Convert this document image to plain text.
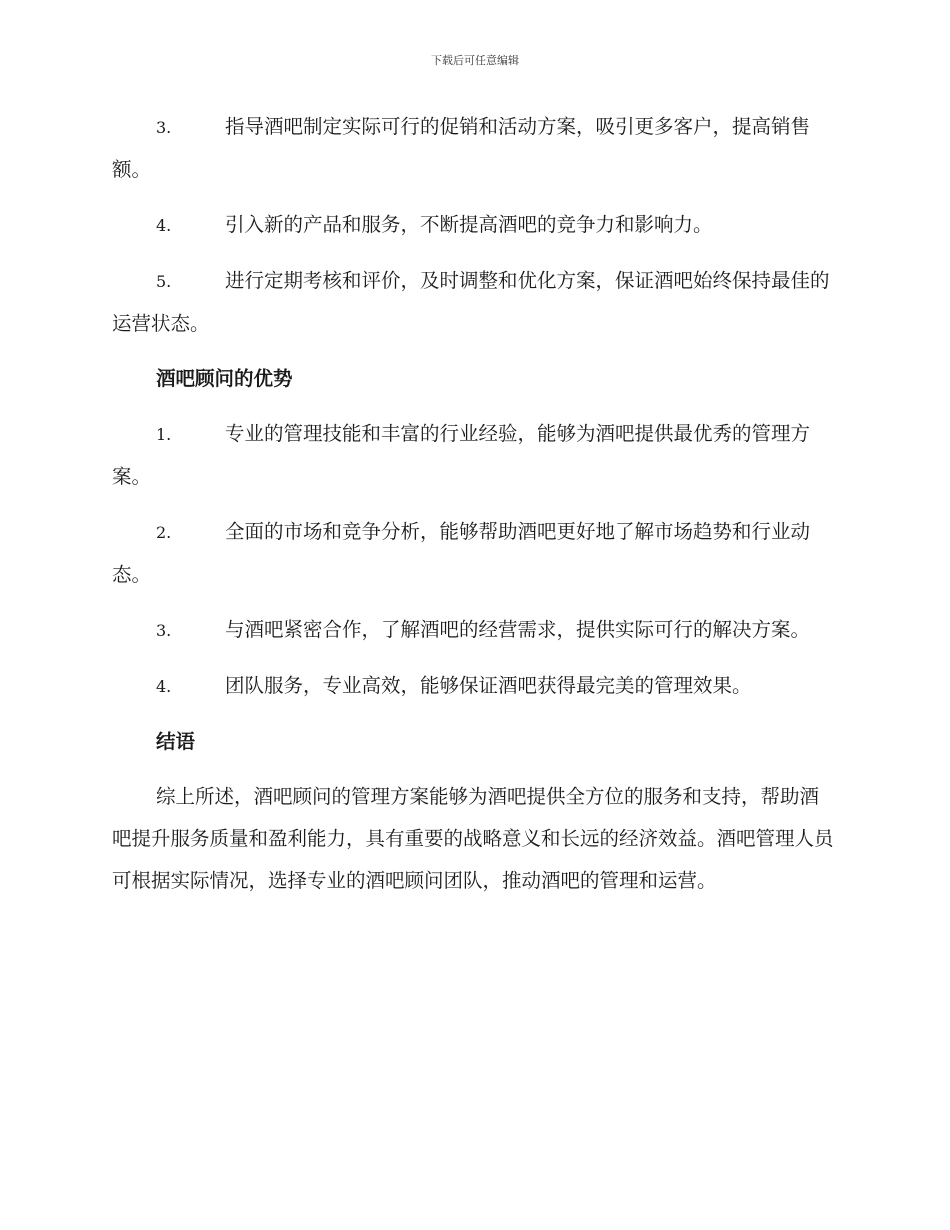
下载后可任意编辑

3.	指导酒吧制定实际可行的促销和活动方案，吸引更多客户，提高销售额。

4.	引入新的产品和服务，不断提高酒吧的竞争力和影响力。

5.	进行定期考核和评价，及时调整和优化方案，保证酒吧始终保持最佳的运营状态。

酒吧顾问的优势

1.	专业的管理技能和丰富的行业经验，能够为酒吧提供最优秀的管理方案。

2.	全面的市场和竞争分析，能够帮助酒吧更好地了解市场趋势和行业动态。

3.	与酒吧紧密合作，了解酒吧的经营需求，提供实际可行的解决方案。

4.	团队服务，专业高效，能够保证酒吧获得最完美的管理效果。

结语

综上所述，酒吧顾问的管理方案能够为酒吧提供全方位的服务和支持，帮助酒吧提升服务质量和盈利能力，具有重要的战略意义和长远的经济效益。酒吧管理人员可根据实际情况，选择专业的酒吧顾问团队，推动酒吧的管理和运营。
